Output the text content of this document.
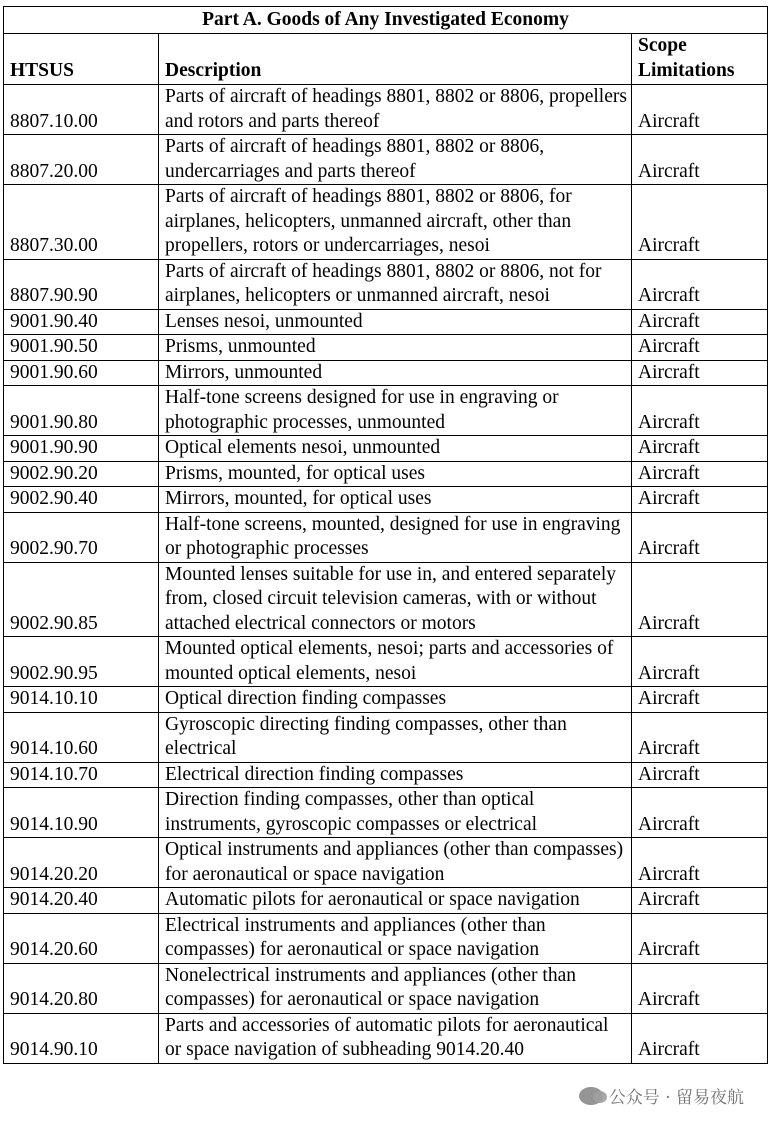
Part A. Goods of Any Investigated Economy		
HTSUS	Description	Scope Limitations
8807.10.00	Parts of aircraft of headings 8801, 8802 or 8806, propellers and rotors and parts thereof	Aircraft
8807.20.00	Parts of aircraft of headings 8801, 8802 or 8806, undercarriages and parts thereof	Aircraft
8807.30.00	Parts of aircraft of headings 8801, 8802 or 8806, for airplanes, helicopters, unmanned aircraft, other than propellers, rotors or undercarriages, nesoi	Aircraft
8807.90.90	Parts of aircraft of headings 8801, 8802 or 8806, not for airplanes, helicopters or unmanned aircraft, nesoi	Aircraft
9001.90.40	Lenses nesoi, unmounted	Aircraft
9001.90.50	Prisms, unmounted	Aircraft
9001.90.60	Mirrors, unmounted	Aircraft
9001.90.80	Half-tone screens designed for use in engraving or photographic processes, unmounted	Aircraft
9001.90.90	Optical elements nesoi, unmounted	Aircraft
9002.90.20	Prisms, mounted, for optical uses	Aircraft
9002.90.40	Mirrors, mounted, for optical uses	Aircraft
9002.90.70	Half-tone screens, mounted, designed for use in engraving or photographic processes	Aircraft
9002.90.85	Mounted lenses suitable for use in, and entered separately from, closed circuit television cameras, with or without attached electrical connectors or motors	Aircraft
9002.90.95	Mounted optical elements, nesoi; parts and accessories of mounted optical elements, nesoi	Aircraft
9014.10.10	Optical direction finding compasses	Aircraft
9014.10.60	Gyroscopic directing finding compasses, other than electrical	Aircraft
9014.10.70	Electrical direction finding compasses	Aircraft
9014.10.90	Direction finding compasses, other than optical instruments, gyroscopic compasses or electrical	Aircraft
9014.20.20	Optical instruments and appliances (other than compasses) for aeronautical or space navigation	Aircraft
9014.20.40	Automatic pilots for aeronautical or space navigation	Aircraft
9014.20.60	Electrical instruments and appliances (other than compasses) for aeronautical or space navigation	Aircraft
9014.20.80	Nonelectrical instruments and appliances (other than compasses) for aeronautical or space navigation	Aircraft
9014.90.10	Parts and accessories of automatic pilots for aeronautical or space navigation of subheading 9014.20.40	Aircraft
公众号 · 留易夜航
